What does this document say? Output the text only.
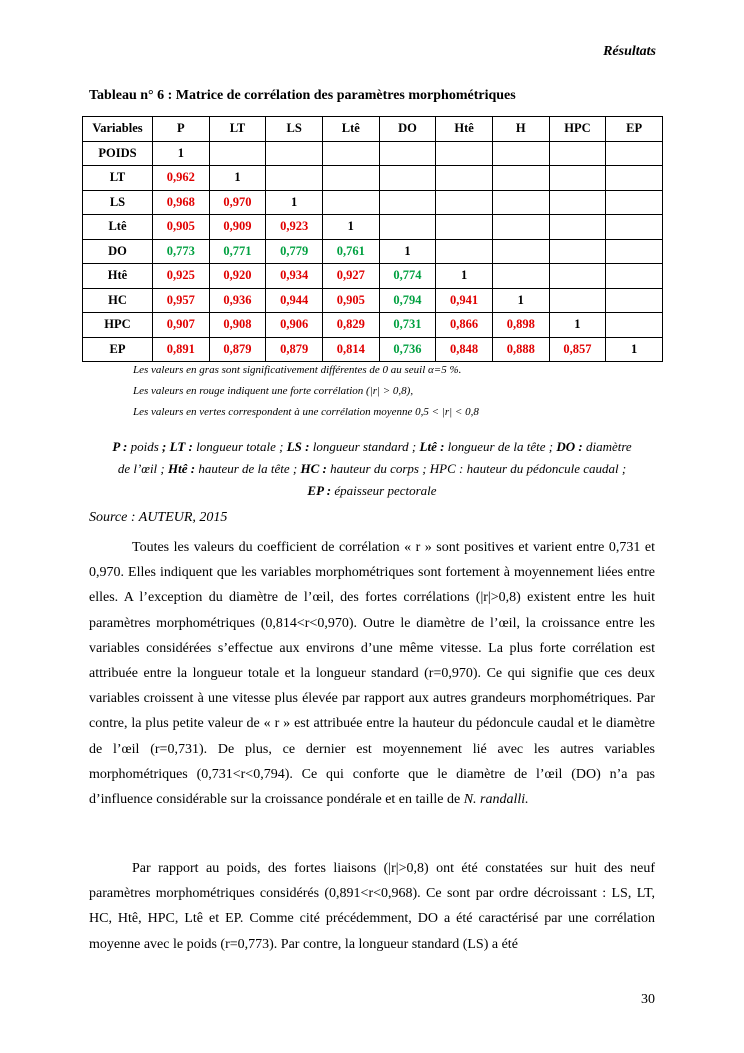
Résultats
Tableau n° 6 : Matrice de corrélation des paramètres morphométriques
Variables	P	LT	LS	Ltê	DO	Htê	H	HPC	EP
POIDS	1								
LT	0,962	1							
LS	0,968	0,970	1						
Ltê	0,905	0,909	0,923	1					
DO	0,773	0,771	0,779	0,761	1				
Htê	0,925	0,920	0,934	0,927	0,774	1			
HC	0,957	0,936	0,944	0,905	0,794	0,941	1		
HPC	0,907	0,908	0,906	0,829	0,731	0,866	0,898	1	
EP	0,891	0,879	0,879	0,814	0,736	0,848	0,888	0,857	1
Les valeurs en gras sont significativement différentes de 0 au seuil α=5 %.
Les valeurs en rouge indiquent une forte corrélation (|r| > 0,8),
Les valeurs en vertes correspondent à une corrélation moyenne 0,5 < |r| < 0,8
P : poids ; LT : longueur totale ; LS : longueur standard ; Ltê : longueur de la tête ; DO : diamètre
de l’œil ; Htê : hauteur de la tête ; HC : hauteur du corps ; HPC : hauteur du pédoncule caudal ;
EP : épaisseur pectorale
Source : AUTEUR, 2015
Toutes les valeurs du coefficient de corrélation « r » sont positives et varient entre 0,731 et 0,970. Elles indiquent que les variables morphométriques sont fortement à moyennement liées entre elles. A l’exception du diamètre de l’œil, des fortes corrélations (|r|>0,8) existent entre les huit paramètres morphométriques (0,814<r<0,970). Outre le diamètre de l’œil, la croissance entre les variables considérées s’effectue aux environs d’une même vitesse. La plus forte corrélation est attribuée entre la longueur totale et la longueur standard (r=0,970). Ce qui signifie que ces deux variables croissent à une vitesse plus élevée par rapport aux autres grandeurs morphométriques. Par contre, la plus petite valeur de « r » est attribuée entre la hauteur du pédoncule caudal et le diamètre de l’œil (r=0,731). De plus, ce dernier est moyennement lié avec les autres variables morphométriques (0,731<r<0,794). Ce qui conforte que le diamètre de l’œil (DO) n’a pas d’influence considérable sur la croissance pondérale et en taille de N. randalli.
Par rapport au poids, des fortes liaisons (|r|>0,8) ont été constatées sur huit des neuf paramètres morphométriques considérés (0,891<r<0,968). Ce sont par ordre décroissant : LS, LT, HC, Htê, HPC, Ltê et EP. Comme cité précédemment, DO a été caractérisé par une corrélation moyenne avec le poids (r=0,773). Par contre, la longueur standard (LS) a été
30
